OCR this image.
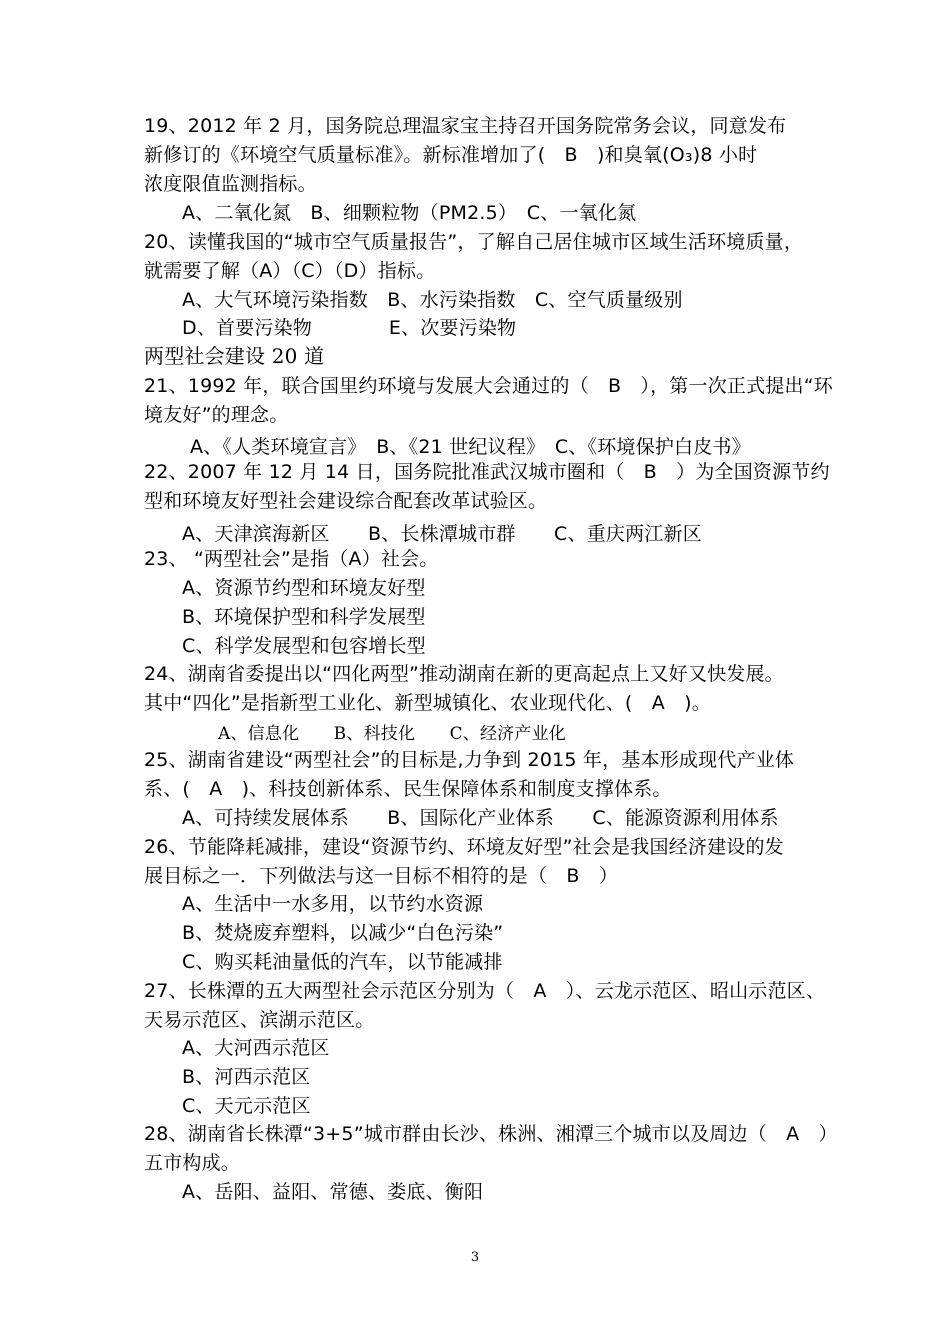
19、2012 年 2 月，国务院总理温家宝主持召开国务院常务会议，同意发布
新修订的《环境空气质量标准》。新标准增加了(　B　)和臭氧(O₃)8 小时
浓度限值监测指标。
A、二氧化氮　B、细颗粒物（PM2.5）　C、一氧化氮
20、读懂我国的“城市空气质量报告”，了解自己居住城市区域生活环境质量，
就需要了解（A）（C）（D）指标。
A、大气环境污染指数　B、水污染指数　C、空气质量级别
D、首要污染物　　　　E、次要污染物
两型社会建设 20 道
21、1992 年，联合国里约环境与发展大会通过的（　B　），第一次正式提出“环
境友好”的理念。
A、《人类环境宣言》　B、《21 世纪议程》　C、《环境保护白皮书》
22、2007 年 12 月 14 日，国务院批准武汉城市圈和（　B　）为全国资源节约
型和环境友好型社会建设综合配套改革试验区。
A、天津滨海新区　　B、长株潭城市群　　C、重庆两江新区
23、 “两型社会”是指（A）社会。
A、资源节约型和环境友好型
B、环境保护型和科学发展型
C、科学发展型和包容增长型
24、湖南省委提出以“四化两型”推动湖南在新的更高起点上又好又快发展。
其中“四化”是指新型工业化、新型城镇化、农业现代化、(　A　)。
A、信息化　　B、科技化　　C、经济产业化
25、湖南省建设“两型社会”的目标是,力争到 2015 年，基本形成现代产业体
系、(　A　)、科技创新体系、民生保障体系和制度支撑体系。
A、可持续发展体系　　B、国际化产业体系　　C、能源资源利用体系
26、节能降耗减排，建设“资源节约、环境友好型”社会是我国经济建设的发
展目标之一．下列做法与这一目标不相符的是（　B　）
A、生活中一水多用，以节约水资源
B、焚烧废弃塑料，以减少“白色污染”
C、购买耗油量低的汽车，以节能减排
27、长株潭的五大两型社会示范区分别为（　A　）、云龙示范区、昭山示范区、
天易示范区、滨湖示范区。
A、大河西示范区
B、河西示范区
C、天元示范区
28、湖南省长株潭“3+5”城市群由长沙、株洲、湘潭三个城市以及周边（　A　）
五市构成。
A、岳阳、益阳、常德、娄底、衡阳
3
